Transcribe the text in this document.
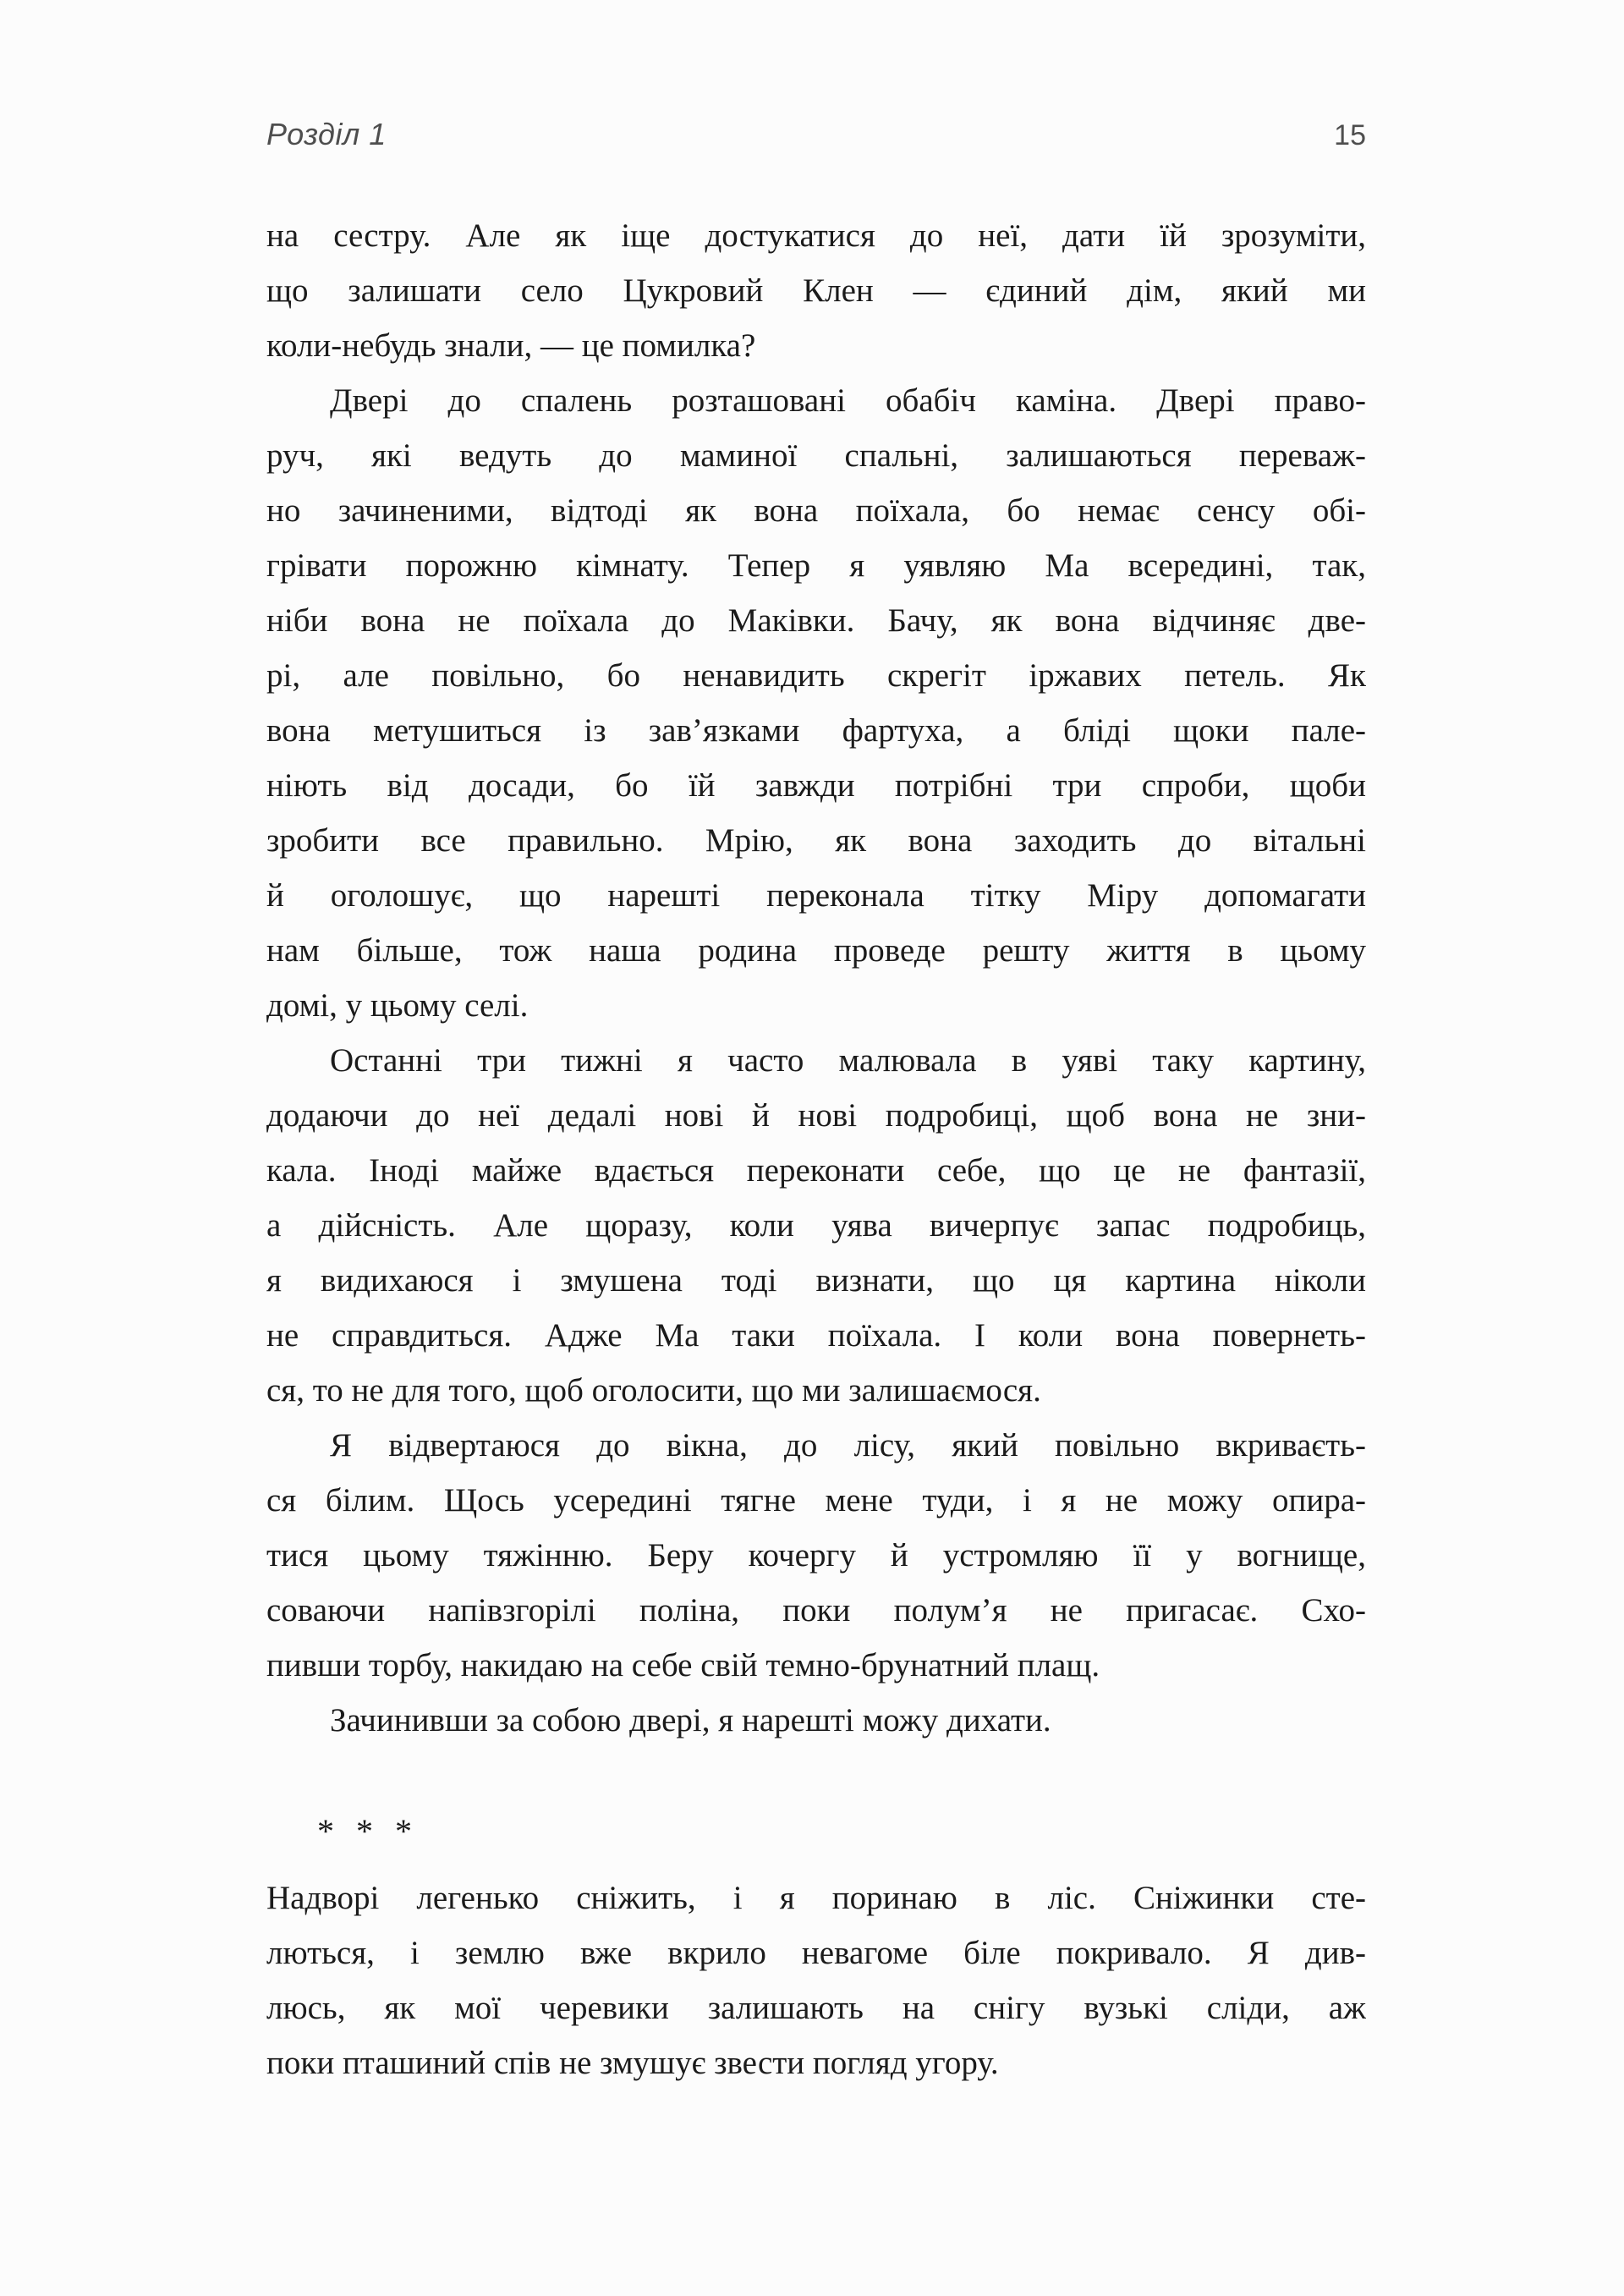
Розділ 1	15
на сестру. Але як іще достукатися до неї, дати їй зрозуміти,
що залишати село Цукровий Клен — єдиний дім, який ми
коли-небудь знали, — це помилка?
Двері до спалень розташовані обабіч каміна. Двері право-
руч, які ведуть до маминої спальні, залишаються переваж-
но зачиненими, відтоді як вона поїхала, бо немає сенсу обі-
грівати порожню кімнату. Тепер я уявляю Ма всередині, так,
ніби вона не поїхала до Маківки. Бачу, як вона відчиняє две-
рі, але повільно, бо ненавидить скрегіт іржавих петель. Як
вона метушиться із зав’язками фартуха, а бліді щоки пале-
ніють від досади, бо їй завжди потрібні три спроби, щоби
зробити все правильно. Мрію, як вона заходить до вітальні
й оголошує, що нарешті переконала тітку Міру допомагати
нам більше, тож наша родина проведе решту життя в цьому
домі, у цьому селі.
Останні три тижні я часто малювала в уяві таку картину,
додаючи до неї дедалі нові й нові подробиці, щоб вона не зни-
кала. Іноді майже вдається переконати себе, що це не фантазії,
а дійсність. Але щоразу, коли уява вичерпує запас подробиць,
я видихаюся і змушена тоді визнати, що ця картина ніколи
не справдиться. Адже Ма таки поїхала. І коли вона повернеть-
ся, то не для того, щоб оголосити, що ми залишаємося.
Я відвертаюся до вікна, до лісу, який повільно вкриваєть-
ся білим. Щось усередині тягне мене туди, і я не можу опира-
тися цьому тяжінню. Беру кочергу й устромляю її у вогнище,
соваючи напівзгорілі поліна, поки полум’я не пригасає. Схо-
пивши торбу, накидаю на себе свій темно-брунатний плащ.
Зачинивши за собою двері, я нарешті можу дихати.
* * *
Надворі легенько сніжить, і я поринаю в ліс. Сніжинки сте-
лються, і землю вже вкрило невагоме біле покривало. Я див-
люсь, як мої черевики залишають на снігу вузькі сліди, аж
поки пташиний спів не змушує звести погляд угору.
